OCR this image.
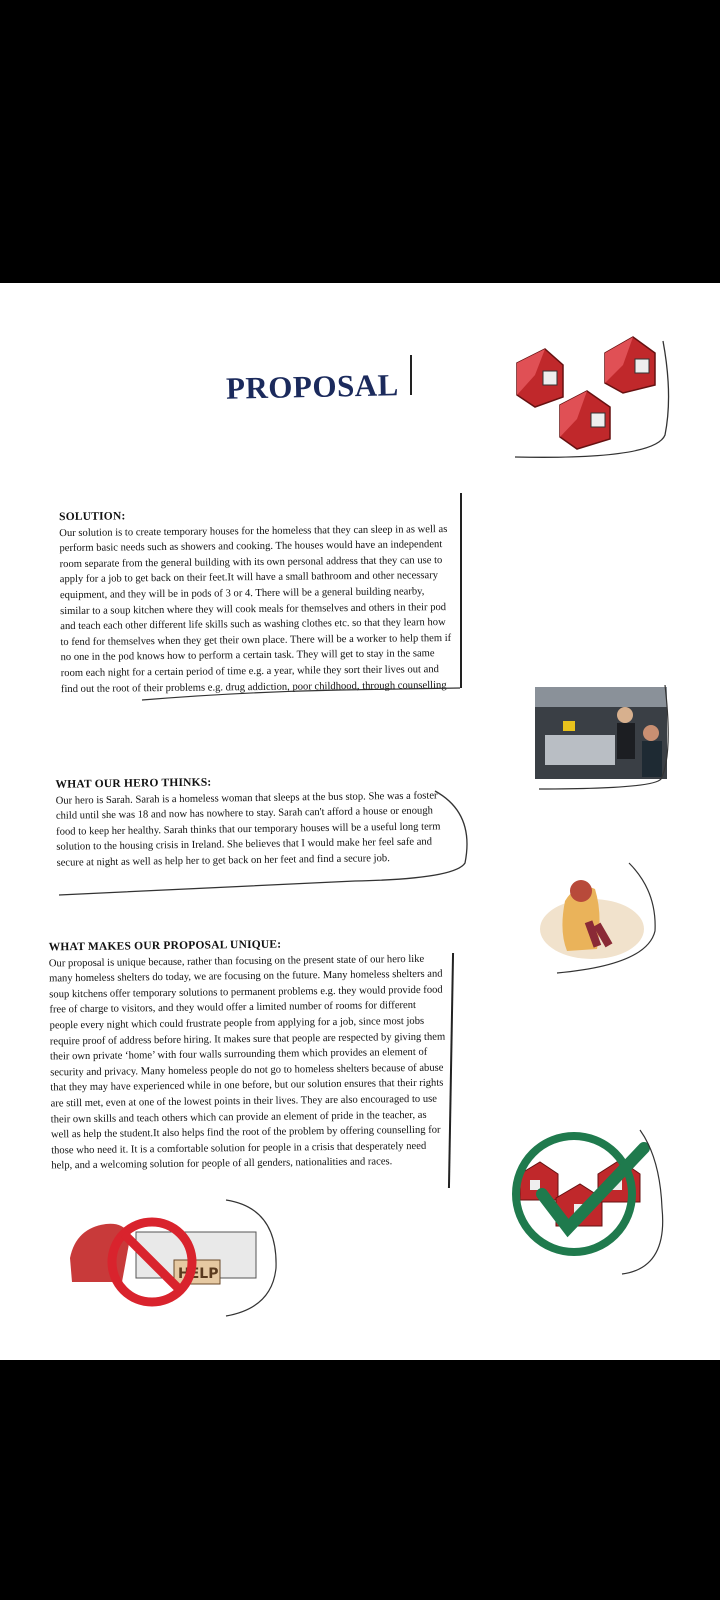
PROPOSAL
SOLUTION:

Our solution is to create temporary houses for the homeless that they can sleep in as well as perform basic needs such as showers and cooking. The houses would have an independent room separate from the general building with its own personal address that they can use to apply for a job to get back on their feet.It will have a small bathroom and other necessary equipment, and they will be in pods of 3 or 4. There will be a general building nearby, similar to a soup kitchen where they will cook meals for themselves and others in their pod and teach each other different life skills such as washing clothes etc. so that they learn how to fend for themselves when they get their own place. There will be a worker to help them if no one in the pod knows how to perform a certain task. They will get to stay in the same room each night for a certain period of time e.g. a year, while they sort their lives out and find out the root of their problems e.g. drug addiction, poor childhood, through counselling

WHAT OUR HERO THINKS:

Our hero is Sarah. Sarah is a homeless woman that sleeps at the bus stop. She was a foster child until she was 18 and now has nowhere to stay. Sarah can't afford a house or enough food to keep her healthy. Sarah thinks that our temporary houses will be a useful long term solution to the housing crisis in Ireland. She believes that I would make her feel safe and secure at night as well as help her to get back on her feet and find a secure job.

WHAT MAKES OUR PROPOSAL UNIQUE:

Our proposal is unique because, rather than focusing on the present state of our hero like many homeless shelters do today, we are focusing on the future. Many homeless shelters and soup kitchens offer temporary solutions to permanent problems e.g. they would provide food free of charge to visitors, and they would offer a limited number of rooms for different people every night which could frustrate people from applying for a job, since most jobs require proof of address before hiring. It makes sure that people are respected by giving them their own private ‘home’ with four walls surrounding them which provides an element of security and privacy. Many homeless people do not go to homeless shelters because of abuse that they may have experienced while in one before, but our solution ensures that their rights are still met, even at one of the lowest points in their lives. They are also encouraged to use their own skills and teach others which can provide an element of pride in the teacher, as well as help the student.It also helps find the root of the problem by offering counselling for those who need it. It is a comfortable solution for people in a crisis that desperately need help, and a welcoming solution for people of all genders, nationalities and races.

HELP
